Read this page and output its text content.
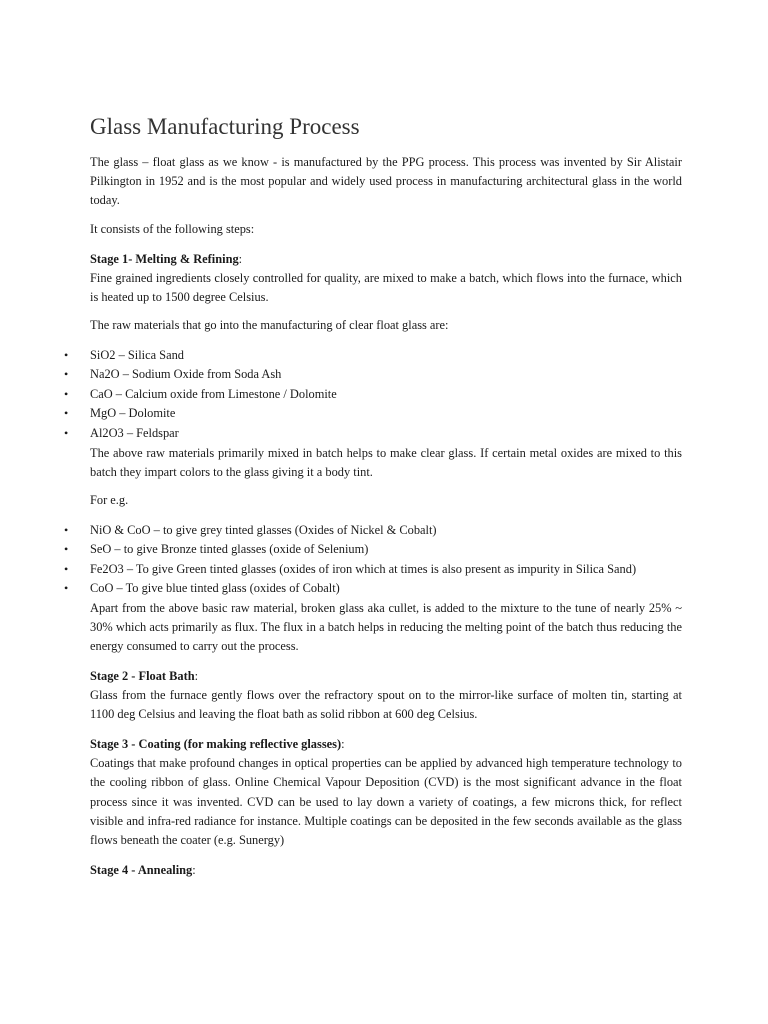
Glass Manufacturing Process

The glass – float glass as we know - is manufactured by the PPG process. This process was invented by Sir Alistair Pilkington in 1952 and is the most popular and widely used process in manufacturing architectural glass in the world today.

It consists of the following steps:

Stage 1- Melting & Refining:
Fine grained ingredients closely controlled for quality, are mixed to make a batch, which flows into the furnace, which is heated up to 1500 degree Celsius.

The raw materials that go into the manufacturing of clear float glass are:

• SiO2 – Silica Sand
• Na2O – Sodium Oxide from Soda Ash
• CaO – Calcium oxide from Limestone / Dolomite
• MgO – Dolomite
• Al2O3 – Feldspar

The above raw materials primarily mixed in batch helps to make clear glass. If certain metal oxides are mixed to this batch they impart colors to the glass giving it a body tint.

For e.g.

• NiO & CoO – to give grey tinted glasses (Oxides of Nickel & Cobalt)
• SeO – to give Bronze tinted glasses (oxide of Selenium)
• Fe2O3 – To give Green tinted glasses (oxides of iron which at times is also present as impurity in Silica Sand)
• CoO – To give blue tinted glass (oxides of Cobalt)

Apart from the above basic raw material, broken glass aka cullet, is added to the mixture to the tune of nearly 25% ~ 30% which acts primarily as flux. The flux in a batch helps in reducing the melting point of the batch thus reducing the energy consumed to carry out the process.

Stage 2 - Float Bath:
Glass from the furnace gently flows over the refractory spout on to the mirror-like surface of molten tin, starting at 1100 deg Celsius and leaving the float bath as solid ribbon at 600 deg Celsius.
Stage 3 - Coating (for making reflective glasses):
Coatings that make profound changes in optical properties can be applied by advanced high temperature technology to the cooling ribbon of glass. Online Chemical Vapour Deposition (CVD) is the most significant advance in the float process since it was invented. CVD can be used to lay down a variety of coatings, a few microns thick, for reflect visible and infra-red radiance for instance. Multiple coatings can be deposited in the few seconds available as the glass flows beneath the coater (e.g. Sunergy)
Stage 4 - Annealing:
